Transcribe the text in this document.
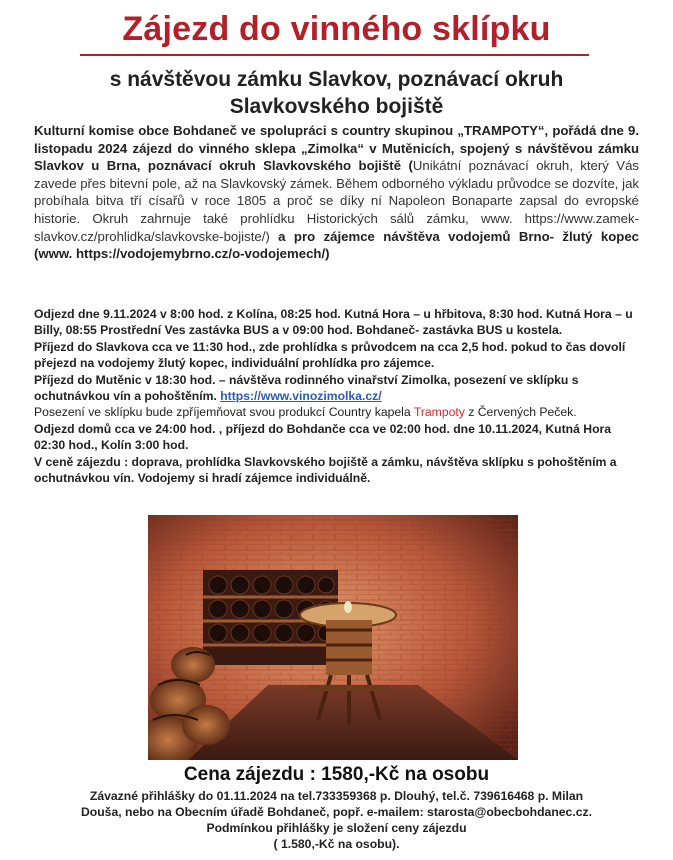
Zájezd do vinného sklípku
s návštěvou zámku Slavkov, poznávací okruh
Slavkovského bojiště
Kulturní komise obce Bohdaneč ve spolupráci s country skupinou „TRAMPOTY“, pořádá dne 9. listopadu 2024 zájezd do vinného sklepa „Zimolka“ v Mutěnicích, spojený s návštěvou zámku Slavkov u Brna, poznávací okruh Slavkovského bojiště (Unikátní poznávací okruh, který Vás zavede přes bitevní pole, až na Slavkovský zámek. Během odborného výkladu průvodce se dozvíte, jak probíhala bitva tří císařů v roce 1805 a proč se díky ní Napoleon Bonaparte zapsal do evropské historie. Okruh zahrnuje také prohlídku Historických sálů zámku, www. https://www.zamek-slavkov.cz/prohlidka/slavkovske-bojiste/) a pro zájemce návštěva vodojemů Brno- žlutý kopec (www. https://vodojemybrno.cz/o-vodojemech/)

Odjezd dne 9.11.2024 v 8:00 hod. z Kolína, 08:25 hod. Kutná Hora – u hřbitova, 8:30 hod. Kutná Hora – u Billy, 08:55 Prostřední Ves zastávka BUS a v 09:00 hod. Bohdaneč- zastávka BUS u kostela.

Příjezd do Slavkova cca ve 11:30 hod., zde prohlídka s průvodcem na cca 2,5 hod. pokud to čas dovolí přejezd na vodojemy žlutý kopec, individuální prohlídka pro zájemce.

Příjezd do Mutěnic v 18:30 hod. – návštěva rodinného vinařství Zimolka, posezení ve sklípku s ochutnávkou vín a pohoštěním. https://www.vinozimolka.cz/

Posezení ve sklípku bude zpříjemňovat svou produkcí Country kapela Trampoty z Červených Peček.

Odjezd domů cca ve 24:00 hod. , příjezd do Bohdanče cca ve 02:00 hod. dne 10.11.2024, Kutná Hora 02:30 hod., Kolín 3:00 hod.

V ceně zájezdu : doprava, prohlídka Slavkovského bojiště a zámku, návštěva sklípku s pohoštěním a ochutnávkou vín. Vodojemy si hradí zájemce individuálně.

Cena zájezdu : 1580,-Kč na osobu
Závazné přihlášky do 01.11.2024 na tel.733359368 p. Dlouhý, tel.č. 739616468 p. Milan
Douša, nebo na Obecním úřadě Bohdaneč, popř. e-mailem: starosta@obecbohdanec.cz.
Podmínkou přihlášky je složení ceny zájezdu
( 1.580,-Kč na osobu).
